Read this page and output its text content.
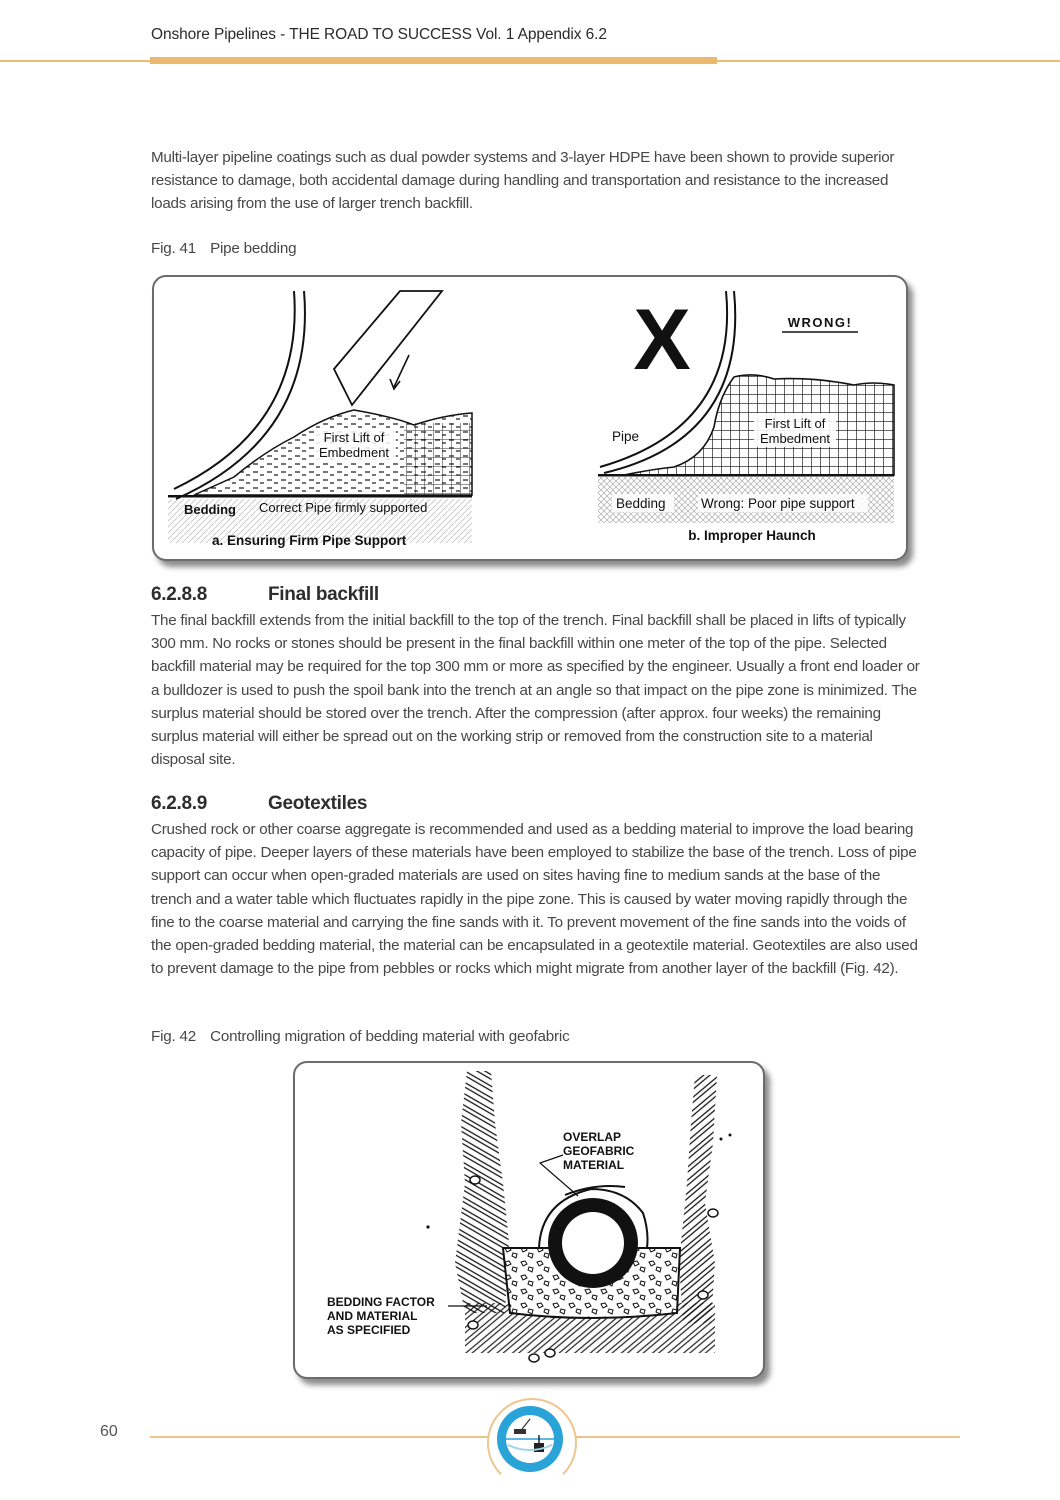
Onshore Pipelines - THE ROAD TO SUCCESS Vol. 1 Appendix 6.2

Multi-layer pipeline coatings such as dual powder systems and 3-layer HDPE have been shown to provide superior resistance to damage, both accidental damage during handling and transportation and resistance to the increased loads arising from the use of larger trench backfill.

Fig. 41 Pipe bedding
First Lift of
Embedment
Bedding Correct Pipe firmly supported
a. Ensuring Firm Pipe Support
X	WRONG!
Pipe
First Lift of
Embedment
Bedding	Wrong: Poor pipe support
b. Improper Haunch
6.2.8.8	Final backfill

The final backfill extends from the initial backfill to the top of the trench. Final backfill shall be placed in lifts of typically 300 mm. No rocks or stones should be present in the final backfill within one meter of the top of the pipe. Selected backfill material may be required for the top 300 mm or more as specified by the engineer. Usually a front end loader or a bulldozer is used to push the spoil bank into the trench at an angle so that impact on the pipe zone is minimized. The surplus material should be stored over the trench. After the compression (after approx. four weeks) the remaining surplus material will either be spread out on the working strip or removed from the construction site to a material disposal site.

6.2.8.9	Geotextiles

Crushed rock or other coarse aggregate is recommended and used as a bedding material to improve the load bearing capacity of pipe. Deeper layers of these materials have been employed to stabilize the base of the trench. Loss of pipe support can occur when open-graded materials are used on sites having fine to medium sands at the base of the trench and a water table which fluctuates rapidly in the pipe zone. This is caused by water moving rapidly through the fine to the coarse material and carrying the fine sands with it. To prevent movement of the fine sands into the voids of the open-graded bedding material, the material can be encapsulated in a geotextile material. Geotextiles are also used to prevent damage to the pipe from pebbles or rocks which might migrate from another layer of the backfill (Fig. 42).

Fig. 42 Controlling migration of bedding material with geofabric
OVERLAP
GEOFABRIC
MATERIAL
BEDDING FACTOR
AND MATERIAL
AS SPECIFIED
60
